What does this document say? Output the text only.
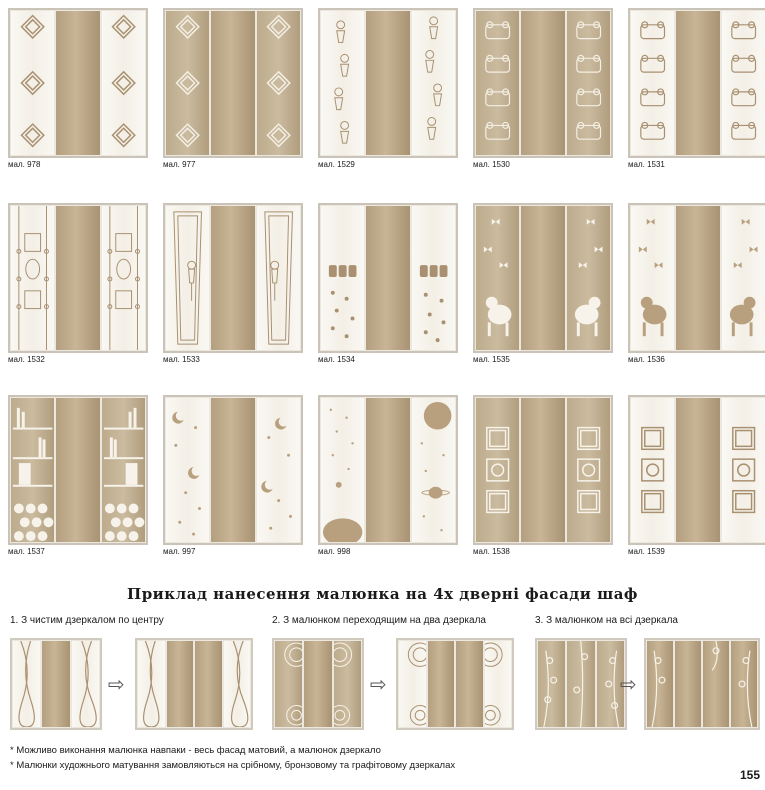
мал. 978	мал. 977	мал. 1529	мал. 1530	мал. 1531
мал. 1532	мал. 1533	мал. 1534	мал. 1535	мал. 1536
мал. 1537	мал. 997	мал. 998	мал. 1538	мал. 1539
Приклад нанесення малюнка на 4х дверні фасади шаф
1. З чистим дзеркалом по центру	2. З малюнком переходящим на два дзеркала	3. З малюнком на всі дзеркала
⇨	⇨	⇨
* Можливо виконання малюнка навпаки - весь фасад матовий, а малюнок дзеркало
* Малюнки художнього матування замовляються на срібному, бронзовому та графітовому дзеркалах
155
